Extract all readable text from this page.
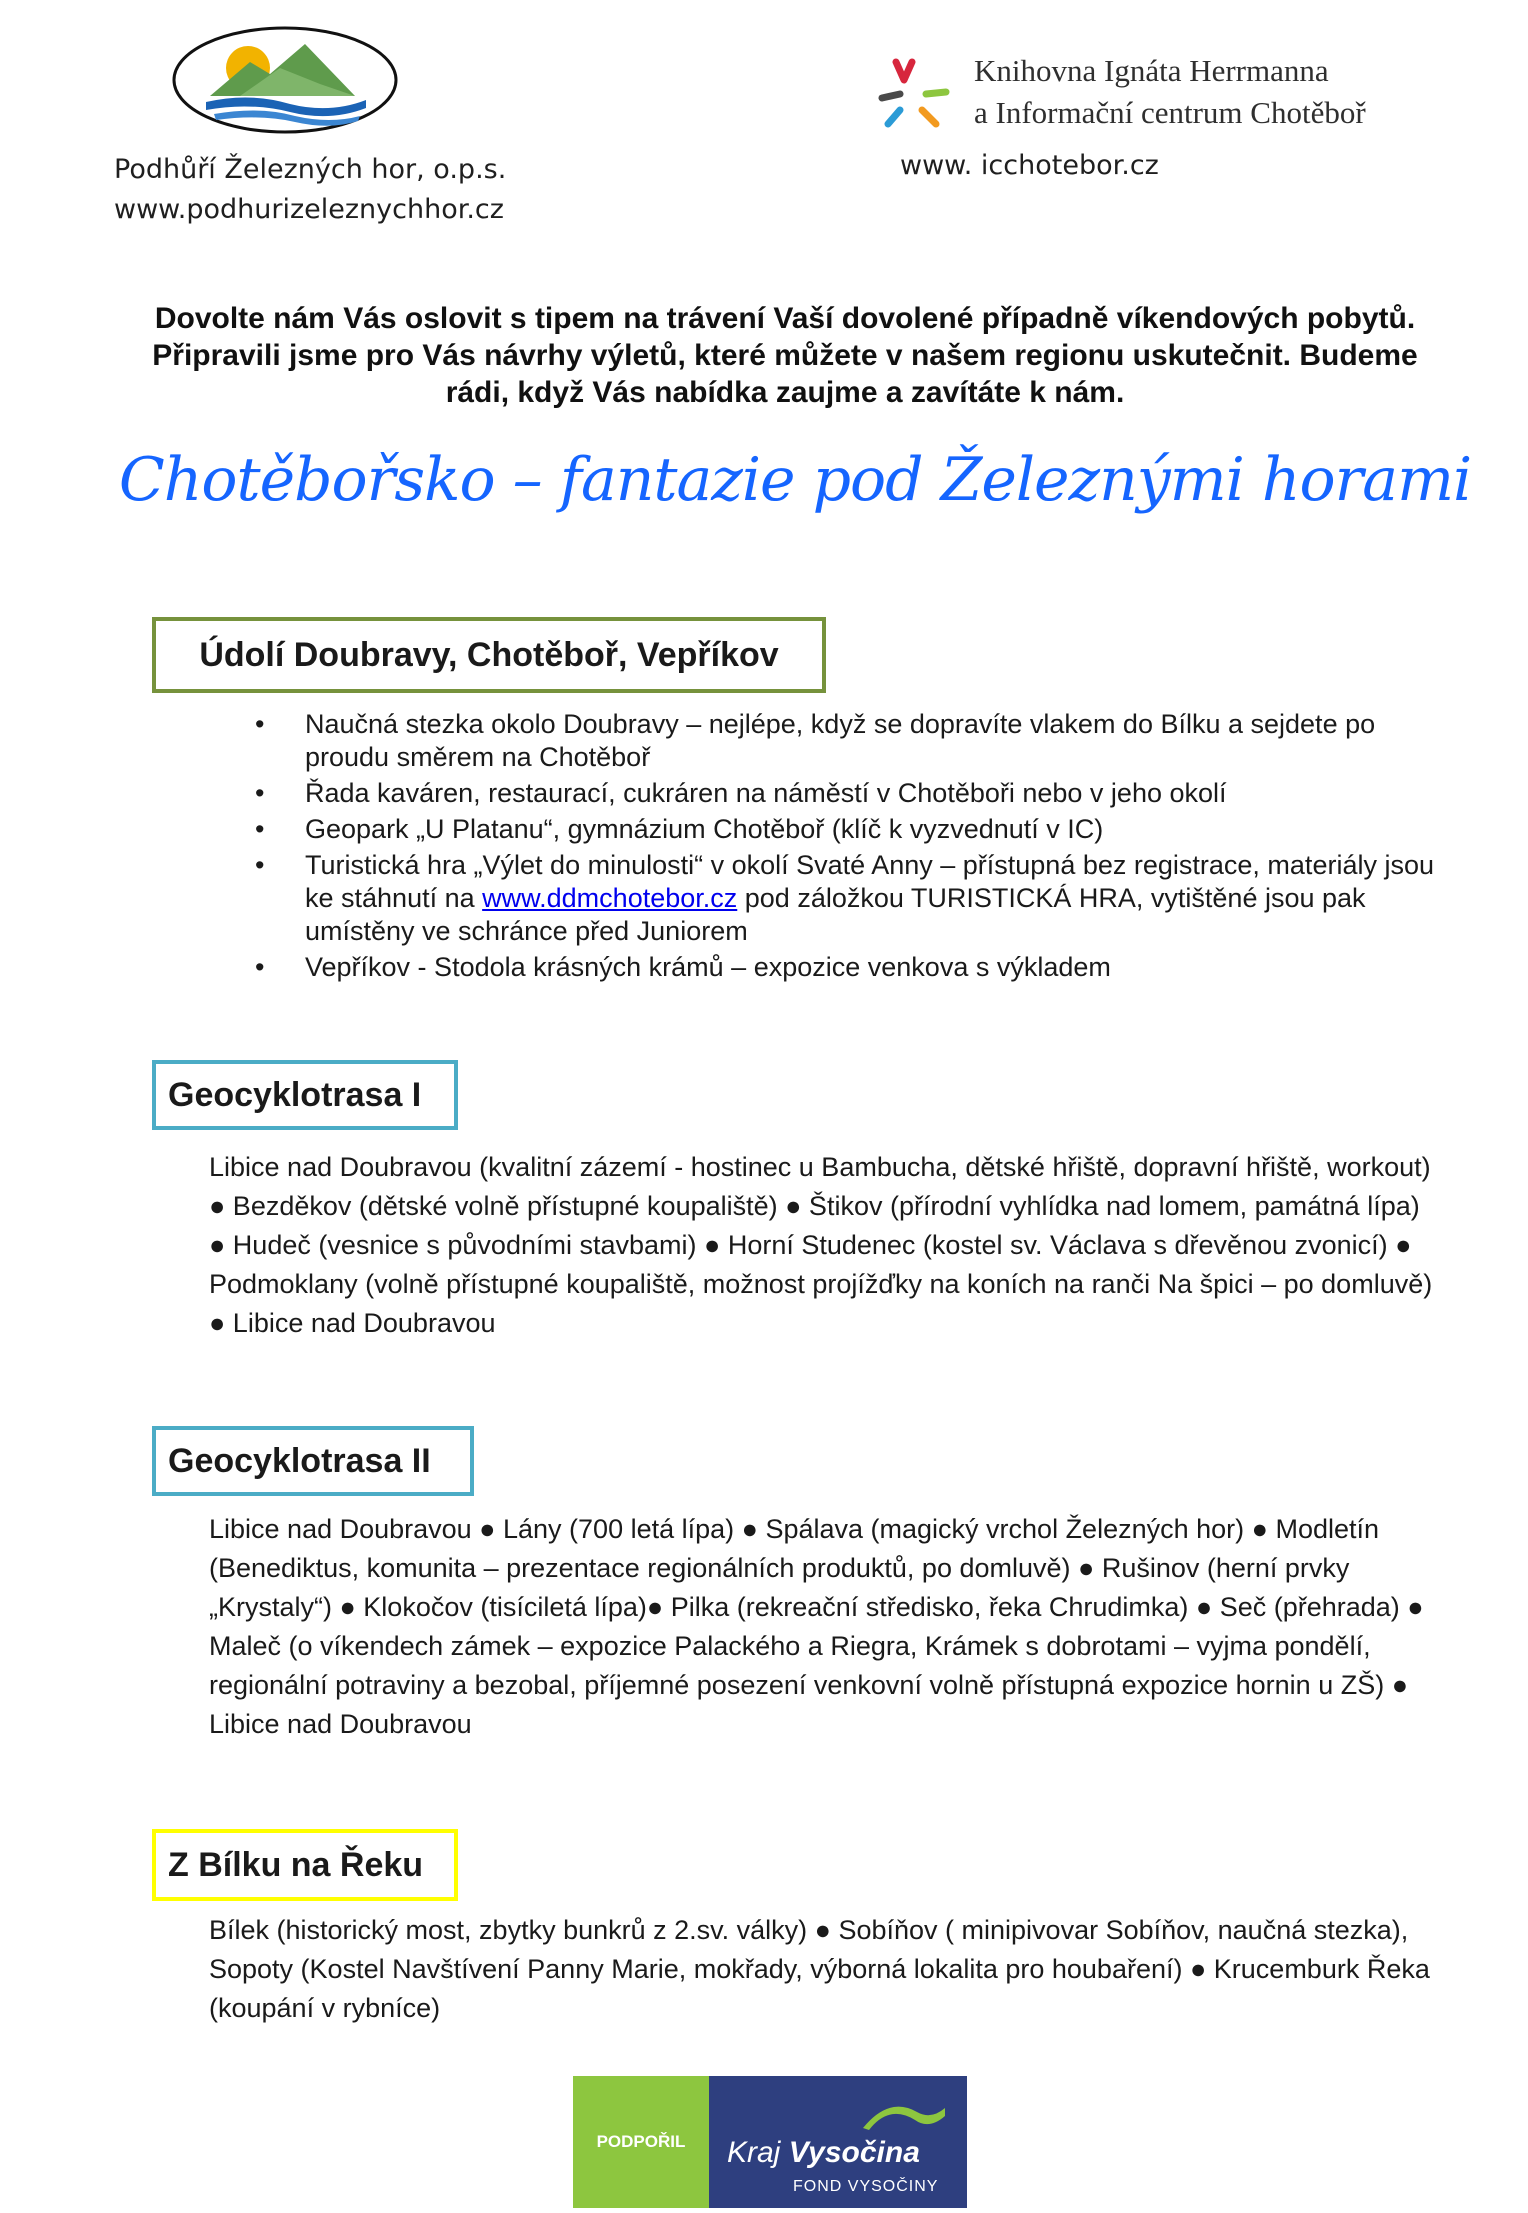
Podhůří Železných hor, o.p.s.
www.podhurizeleznychhor.cz
Knihovna Ignáta Herrmanna
a Informační centrum Chotěboř
www. icchotebor.cz
Dovolte nám Vás oslovit s tipem na trávení Vaší dovolené případně víkendových pobytů. Připravili jsme pro Vás návrhy výletů, které můžete v našem regionu uskutečnit. Budeme rádi, když Vás nabídka zaujme a zavítáte k nám.
Chotěbořsko – fantazie pod Železnými horami
Údolí Doubravy, Chotěboř, Vepříkov
• Naučná stezka okolo Doubravy – nejlépe, když se dopravíte vlakem do Bílku a sejdete po proudu směrem na Chotěboř
• Řada kaváren, restaurací, cukráren na náměstí v Chotěboři nebo v jeho okolí
• Geopark „U Platanu“, gymnázium Chotěboř (klíč k vyzvednutí v IC)
• Turistická hra „Výlet do minulosti“ v okolí Svaté Anny – přístupná bez registrace, materiály jsou ke stáhnutí na www.ddmchotebor.cz pod záložkou TURISTICKÁ HRA, vytištěné jsou pak umístěny ve schránce před Juniorem
• Vepříkov - Stodola krásných krámů – expozice venkova s výkladem
Geocyklotrasa I
Libice nad Doubravou (kvalitní zázemí - hostinec u Bambucha, dětské hřiště, dopravní hřiště, workout) ● Bezděkov (dětské volně přístupné koupaliště) ● Štikov (přírodní vyhlídka nad lomem, památná lípa) ● Hudeč (vesnice s původními stavbami) ● Horní Studenec (kostel sv. Václava s dřevěnou zvonicí) ● Podmoklany (volně přístupné koupaliště, možnost projížďky na koních na ranči Na špici – po domluvě) ● Libice nad Doubravou
Geocyklotrasa II
Libice nad Doubravou ● Lány (700 letá lípa) ● Spálava (magický vrchol Železných hor) ● Modletín (Benediktus, komunita – prezentace regionálních produktů, po domluvě) ● Rušinov (herní prvky „Krystaly“) ● Klokočov (tisíciletá lípa)● Pilka (rekreační středisko, řeka Chrudimka) ● Seč (přehrada) ● Maleč (o víkendech zámek – expozice Palackého a Riegra, Krámek s dobrotami – vyjma pondělí, regionální potraviny a bezobal, příjemné posezení venkovní volně přístupná expozice hornin u ZŠ) ● Libice nad Doubravou
Z Bílku na Řeku
Bílek (historický most, zbytky bunkrů z 2.sv. války) ● Sobíňov ( minipivovar Sobíňov, naučná stezka), Sopoty (Kostel Navštívení Panny Marie, mokřady, výborná lokalita pro houbaření) ● Krucemburk Řeka (koupání v rybníce)
PODPOŘIL	Kraj Vysočina
FOND VYSOČINY
